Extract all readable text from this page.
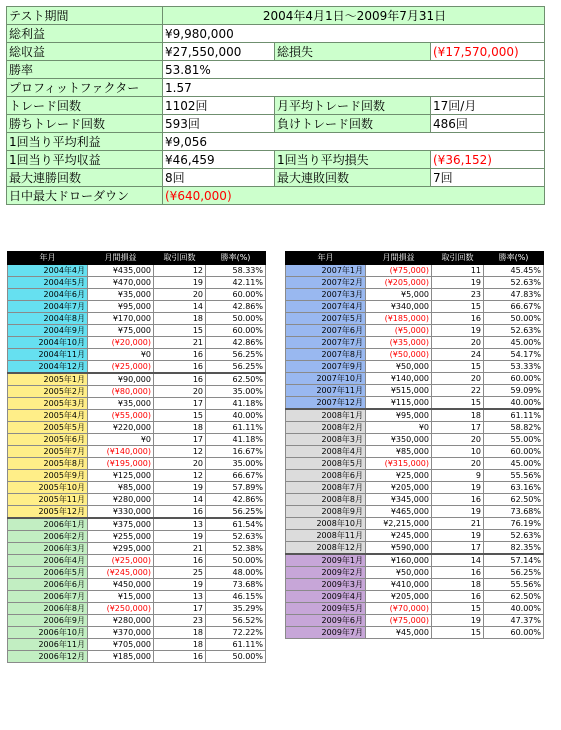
テスト期間	2004年4月1日～2009年7月31日		
総利益	¥9,980,000		
総収益	¥27,550,000	総損失	(¥17,570,000)
勝率	53.81%		
プロフィットファクター	1.57		
トレード回数	1102回	月平均トレード回数	17回/月
勝ちトレード回数	593回	負けトレード回数	486回
1回当り平均利益	¥9,056		
1回当り平均収益	¥46,459	1回当り平均損失	(¥36,152)
最大連勝回数	8回	最大連敗回数	7回
日中最大ドローダウン	(¥640,000)		
年月	月間損益	取引回数	勝率(%)
2004年4月	¥435,000	12	58.33%
2004年5月	¥470,000	19	42.11%
2004年6月	¥35,000	20	60.00%
2004年7月	¥95,000	14	42.86%
2004年8月	¥170,000	18	50.00%
2004年9月	¥75,000	15	60.00%
2004年10月	(¥20,000)	21	42.86%
2004年11月	¥0	16	56.25%
2004年12月	(¥25,000)	16	56.25%
2005年1月	¥90,000	16	62.50%
2005年2月	(¥80,000)	20	35.00%
2005年3月	¥35,000	17	41.18%
2005年4月	(¥55,000)	15	40.00%
2005年5月	¥220,000	18	61.11%
2005年6月	¥0	17	41.18%
2005年7月	(¥140,000)	12	16.67%
2005年8月	(¥195,000)	20	35.00%
2005年9月	¥125,000	12	66.67%
2005年10月	¥85,000	19	57.89%
2005年11月	¥280,000	14	42.86%
2005年12月	¥330,000	16	56.25%
2006年1月	¥375,000	13	61.54%
2006年2月	¥255,000	19	52.63%
2006年3月	¥295,000	21	52.38%
2006年4月	(¥25,000)	16	50.00%
2006年5月	(¥245,000)	25	48.00%
2006年6月	¥450,000	19	73.68%
2006年7月	¥15,000	13	46.15%
2006年8月	(¥250,000)	17	35.29%
2006年9月	¥280,000	23	56.52%
2006年10月	¥370,000	18	72.22%
2006年11月	¥705,000	18	61.11%
2006年12月	¥185,000	16	50.00%
年月	月間損益	取引回数	勝率(%)
2007年1月	(¥75,000)	11	45.45%
2007年2月	(¥205,000)	19	52.63%
2007年3月	¥5,000	23	47.83%
2007年4月	¥340,000	15	66.67%
2007年5月	(¥185,000)	16	50.00%
2007年6月	(¥5,000)	19	52.63%
2007年7月	(¥35,000)	20	45.00%
2007年8月	(¥50,000)	24	54.17%
2007年9月	¥50,000	15	53.33%
2007年10月	¥140,000	20	60.00%
2007年11月	¥515,000	22	59.09%
2007年12月	¥115,000	15	40.00%
2008年1月	¥95,000	18	61.11%
2008年2月	¥0	17	58.82%
2008年3月	¥350,000	20	55.00%
2008年4月	¥85,000	10	60.00%
2008年5月	(¥315,000)	20	45.00%
2008年6月	¥25,000	9	55.56%
2008年7月	¥205,000	19	63.16%
2008年8月	¥345,000	16	62.50%
2008年9月	¥465,000	19	73.68%
2008年10月	¥2,215,000	21	76.19%
2008年11月	¥245,000	19	52.63%
2008年12月	¥590,000	17	82.35%
2009年1月	¥160,000	14	57.14%
2009年2月	¥50,000	16	56.25%
2009年3月	¥410,000	18	55.56%
2009年4月	¥205,000	16	62.50%
2009年5月	(¥70,000)	15	40.00%
2009年6月	(¥75,000)	19	47.37%
2009年7月	¥45,000	15	60.00%
